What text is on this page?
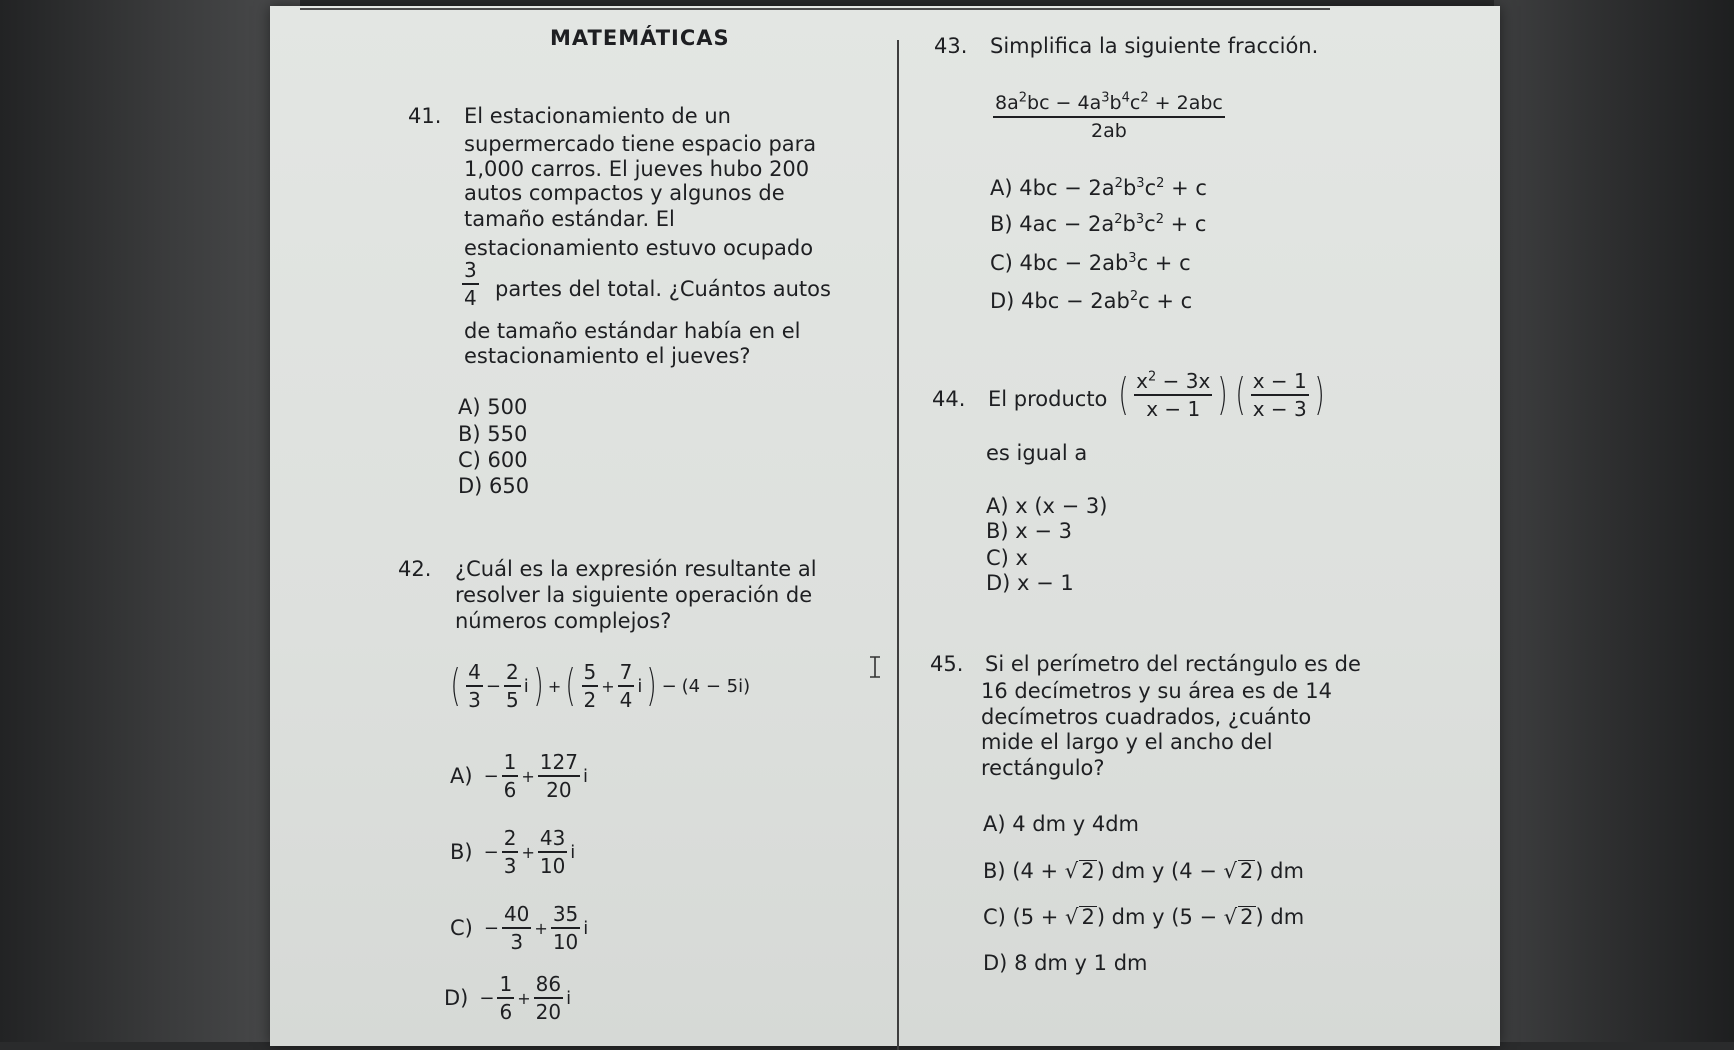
MATEMÁTICAS
41. El estacionamiento de un
supermercado tiene espacio para
1,000 carros. El jueves hubo 200
autos compactos y algunos de
tamaño estándar. El
estacionamiento estuvo ocupado
$\frac{3}{4}$ partes del total. ¿Cuántos autos
de tamaño estándar había en el
estacionamiento el jueves?
A) 500
B) 550
C) 600
D) 650
42. ¿Cuál es la expresión resultante al
resolver la siguiente operación de
números complejos?
( $\frac{4}{3} - \frac{2}{5}$ i ) + ( $\frac{5}{2} + \frac{7}{4}$ i ) − (4 − 5i)
$A) - \frac{1}{6} + \frac{127}{20}$ i
$B) - \frac{2}{3} + \frac{43}{10}$ i
$C) - \frac{40}{3} + \frac{35}{10}$ i
$D) - \frac{1}{6} + \frac{86}{20}$ i
43. Simplifica la siguiente fracción.
$8a^2bc - 4a^3b^4c^2 + 2abc$
2ab
A) $4bc - 2a^2b^3c^2 + c$
B) $4ac - 2a^2b^3c^2 + c$
C) $4bc - 2ab^3c + c$
D) $4bc - 2ab^2c + c$
44. El producto ( $\frac{x^2 - 3x}{x - 1}$ ) ( $\frac{x - 1}{x - 3}$ )
es igual a
A) x (x − 3)
B) x − 3
C) x
D) x − 1
45. Si el perímetro del rectángulo es de
16 decímetros y su área es de 14
decímetros cuadrados, ¿cuánto
mide el largo y el ancho del
rectángulo?
A) 4 dm y 4dm
B) (4 + √ 2) dm y (4 − √ 2) dm
C) (5 + √ 2) dm y (5 − √ 2) dm
D) 8 dm y 1 dm
